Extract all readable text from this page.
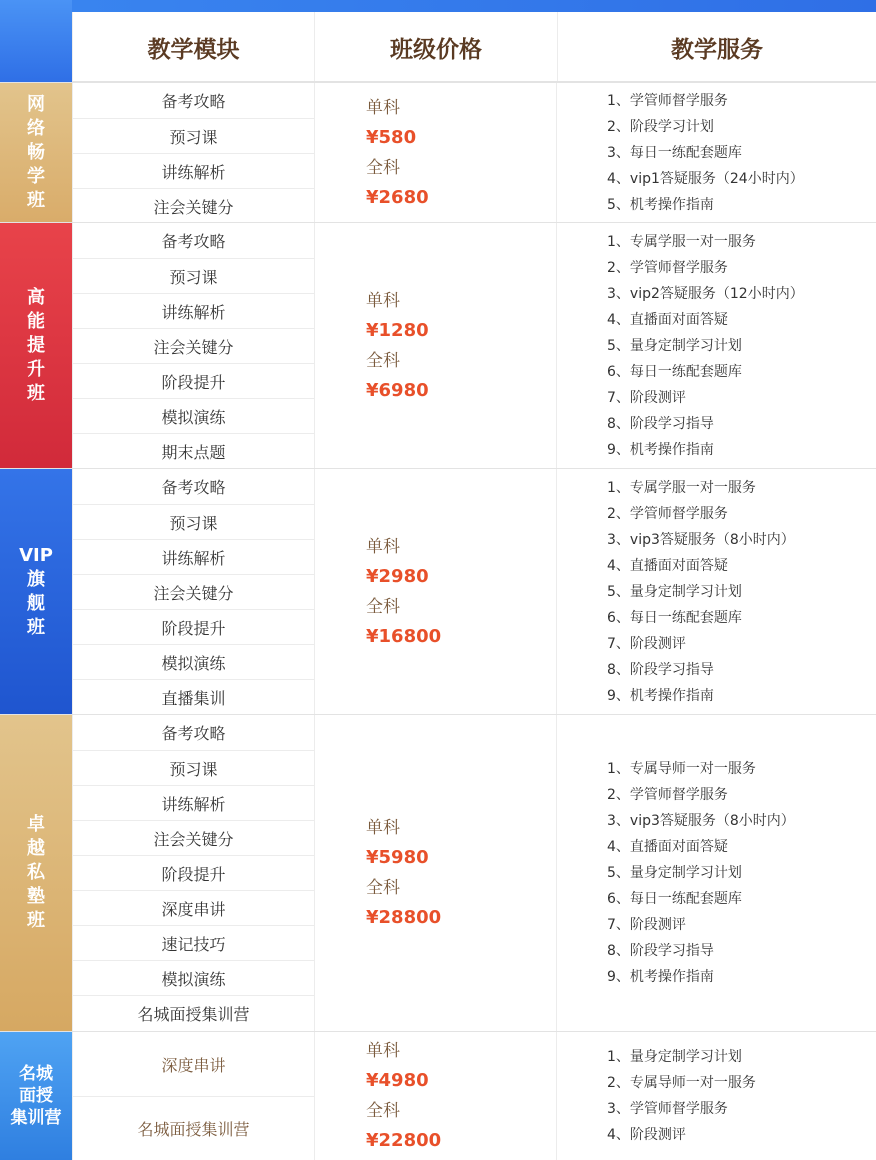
教学模块	班级价格	教学服务
网
络
畅
学
班
备考攻略
预习课
讲练解析
注会关键分
单科
¥580
全科
¥2680
1、学管师督学服务
2、阶段学习计划
3、每日一练配套题库
4、vip1答疑服务（24小时内）
5、机考操作指南
高
能
提
升
班
备考攻略
预习课
讲练解析
注会关键分
阶段提升
模拟演练
期末点题
单科
¥1280
全科
¥6980
1、专属学服一对一服务
2、学管师督学服务
3、vip2答疑服务（12小时内）
4、直播面对面答疑
5、量身定制学习计划
6、每日一练配套题库
7、阶段测评
8、阶段学习指导
9、机考操作指南
VIP
旗
舰
班
备考攻略
预习课
讲练解析
注会关键分
阶段提升
模拟演练
直播集训
单科
¥2980
全科
¥16800
1、专属学服一对一服务
2、学管师督学服务
3、vip3答疑服务（8小时内）
4、直播面对面答疑
5、量身定制学习计划
6、每日一练配套题库
7、阶段测评
8、阶段学习指导
9、机考操作指南
卓
越
私
塾
班
备考攻略
预习课
讲练解析
注会关键分
阶段提升
深度串讲
速记技巧
模拟演练
名城面授集训营
单科
¥5980
全科
¥28800
1、专属导师一对一服务
2、学管师督学服务
3、vip3答疑服务（8小时内）
4、直播面对面答疑
5、量身定制学习计划
6、每日一练配套题库
7、阶段测评
8、阶段学习指导
9、机考操作指南
名城
面授
集训营
深度串讲
名城面授集训营
单科
¥4980
全科
¥22800
1、量身定制学习计划
2、专属导师一对一服务
3、学管师督学服务
4、阶段测评
